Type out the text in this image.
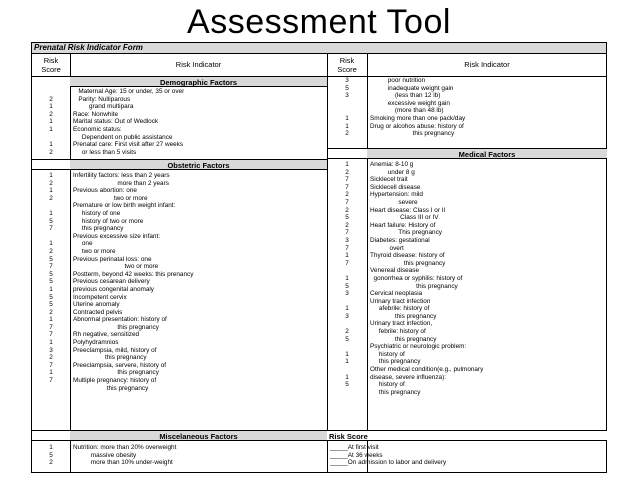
Assessment Tool
Prenatal Risk Indicator Form
Risk
Score
Risk Indicator	Risk
Score
Risk Indicator
Demographic Factors
2
1
2
1
1
1
2
Maternal Age: 15 or under, 35 or over
Parity: Nulliparous
grand multipara
Race: Nonwhite
Marital status: Out of Wedlock
Economic status:
Dependent on public assistance
Prenatal care: First visit after 27 weeks
or less than 5 visits
Obstetric Factors
1
2
1
2
1
5
7
1
2
5
7
5
5
1
5
5
2
1
7
7
1
3
2
7
1
7
Infertility factors: less than 2 years
more than 2 years
Previous abortion: one
two or more
Premature or low birth weight infant:
history of one
history of two or more
this pregnancy
Previous excessive size infant:
one
two or more
Previous perinatal loss: one
two or more
Postterm, beyond 42 weeks: this prenancy
Previous cesarean delivery
previous congenital anomaly
Incompetent cervix
Uterine anomaly
Contracted pelvis
Abnormal presentation: history of
this pregnancy
Rh negative, sensitized
Polyhydramnios
Preeclampsia, mild, history of
this pregnancy
Preeclampsia, servere, history of
this pregnancy
Multiple pregnancy: history of
this pregnancy
Miscelaneous Factors
1
5
2
Nutrition: more than 20% overweight
massive obesity
more than 10% under-weight
3
5
3
1
1
2
poor nutrition
inadequate weight gain
(less than 12 lb)
excessive weight gain
(more than 48 lb)
Smoking more than one pack/day
Drug or alcohos abuse: history of
this pregnancy
Medical Factors
1
2
7
7
2
7
2
5
2
7
3
7
1
7
1
5
3
1
3
2
5
1
1
1
5
Anemia: 8-10 g
under 8 g
Sicklecel trait
Sicklecell disease
Hypertension: mild
severe
Heart disease: Class I or II
Class III or IV
Heart failure: History of
This pregnancy
Diabetes: gestational
overt
Thyroid disease: history of
this pregnancy
Venereal disease
gonorrhea or syphilis: history of
this pregnancy
Cervical neoplasia
Urinary tract infection
afebrile: history of
this pregnancy
Urinary tract infection,
febrile: history of
this pregnancy
Psychiatric or neurologic problem:
history of
this pregnancy
Other medical condition(e.g., pulmonary
disease, severe influenza):
history of
this pregnancy
Risk Score
_____At first visit
_____At 36 weeks
_____On admission to labor and delivery
